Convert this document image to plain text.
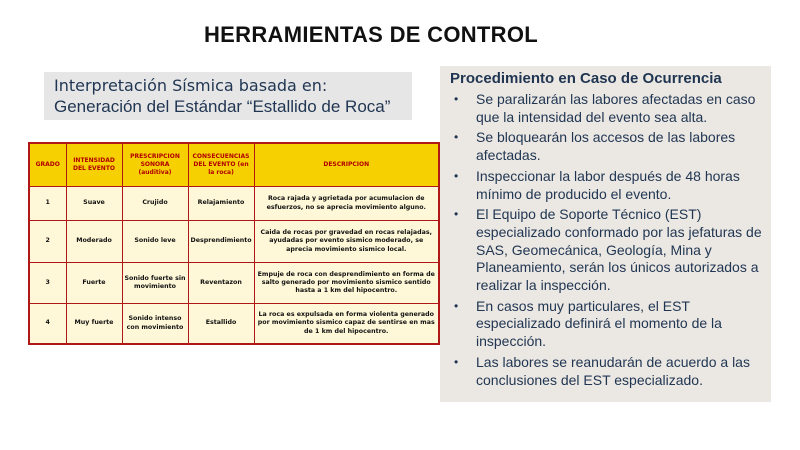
HERRAMIENTAS DE CONTROL
Interpretación Sísmica basada en:
Generación del Estándar “Estallido de Roca”
GRADO	INTENSIDAD DEL EVENTO	PRESCRIPCION SONORA (auditiva)	CONSECUENCIAS DEL EVENTO (en la roca)	DESCRIPCION
1	Suave	Crujido	Relajamiento	Roca rajada y agrietada por acumulacion de esfuerzos, no se aprecia movimiento alguno.
2	Moderado	Sonido leve	Desprendimiento	Caida de rocas por gravedad en rocas relajadas, ayudadas por evento sismico moderado, se aprecia movimiento sismico local.
3	Fuerte	Sonido fuerte sin movimiento	Reventazon	Empuje de roca con desprendimiento en forma de salto generado por movimiento sismico sentido hasta a 1 km del hipocentro.
4	Muy fuerte	Sonido intenso con movimiento	Estallido	La roca es expulsada en forma violenta generado por movimiento sismico capaz de sentirse en mas de 1 km del hipocentro.
Procedimiento en Caso de Ocurrencia
• Se paralizarán las labores afectadas en caso que la intensidad del evento sea alta.
• Se bloquearán los accesos de las labores afectadas.
• Inspeccionar la labor después de 48 horas mínimo de producido el evento.
• El Equipo de Soporte Técnico (EST) especializado conformado por las jefaturas de SAS, Geomecánica, Geología, Mina y Planeamiento, serán los únicos autorizados a realizar la inspección.
• En casos muy particulares, el EST especializado definirá el momento de la inspección.
• Las labores se reanudarán de acuerdo a las conclusiones del EST especializado.
